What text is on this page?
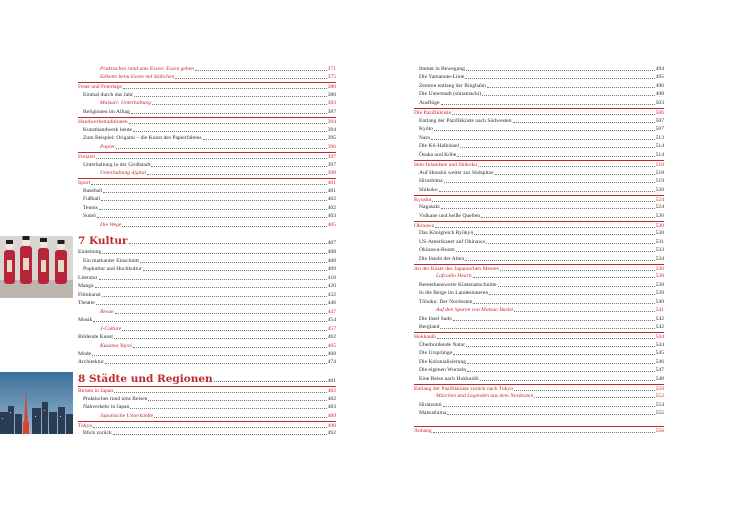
Praktisches rund ums Essen: Essen gehen	371
Etikette beim Essen mit Stäbchen	375
Feste und Feiertage	380
Einmal durch das Jahr	380
Matsuri: Unterhaltung	383
Religionen im Alltag	387
Handwerkstraditionen	394
Kunsthandwerk heute	394
Zum Beispiel: Origami – die Kunst des Papierfaltens	395
Papier	396
Freizeit	397
Unterhaltung in der Großstadt	397
Unterhaltung digital	398
Sport	401
Baseball	401
Fußball	402
Tennis	402
Sumō	403
Die Wege	405
7 Kultur	407
Einleitung	408
Ein markanter Einschnitt	408
Popkultur und Hochkultur	409
Literatur	410
Manga	420
Filmkunst	432
Theater	446
Revue	447
Musik	454
J-Culture	457
Bildende Kunst	462
Kusama Yayoi	465
Mode	468
Architektur	474
8 Städte und Regionen	481
Reisen in Japan	482
Praktisches rund ums Reisen	482
Nahverkehr in Japan	483
Japanische Unterkünfte	489
Tokyo	490
Blick zurück	492
Immer in Bewegung	494
Die Yamanote-Linie	495
Zentren entlang der Ringbahn	496
Die Unterstadt (shitamachi)	498
Ausflüge	503
Die Pazifikküste	506
Entlang der Pazifikküste nach Südwesten	507
Kyōto	507
Nara	513
Die Kii-Halbinsel	514
Ōsaka und Kōbe	514
Seto-Inlandsee und Shikoku	518
Auf Honshū weiter zur Südspitze	518
Hiroshima	519
Shikoku	520
Kyushu	524
Nagasaki	524
Vulkane und heiße Quellen	526
Okinawa	530
Das Königreich Ryūkyū	530
US-Amerikaner auf Okinawa	531
Okinawa-Boom	533
Die Inseln der Alten	534
An der Küste des Japanischen Meeres	536
Lafcadio Hearn	538
Bemerkenswerte Küstenabschnitte	538
In die Berge im Landesinneren	539
Tōhoku: Der Nordosten	540
Auf den Spuren von Matsuo Bashō	541
Die Insel Sado	542
Bergland	542
Hokkaidō	544
Überbordende Natur	544
Die Ursprünge	545
Die Kolonialisierung	546
Die eigenen Wurzeln	547
Eine Reise nach Hokkaidō	548
Entlang der Pazifikküste zurück nach Tokyo	550
Märchen und Legenden aus dem Nordosten	552
Hiraizumi	554
Matsushima	555
Anhang	556
